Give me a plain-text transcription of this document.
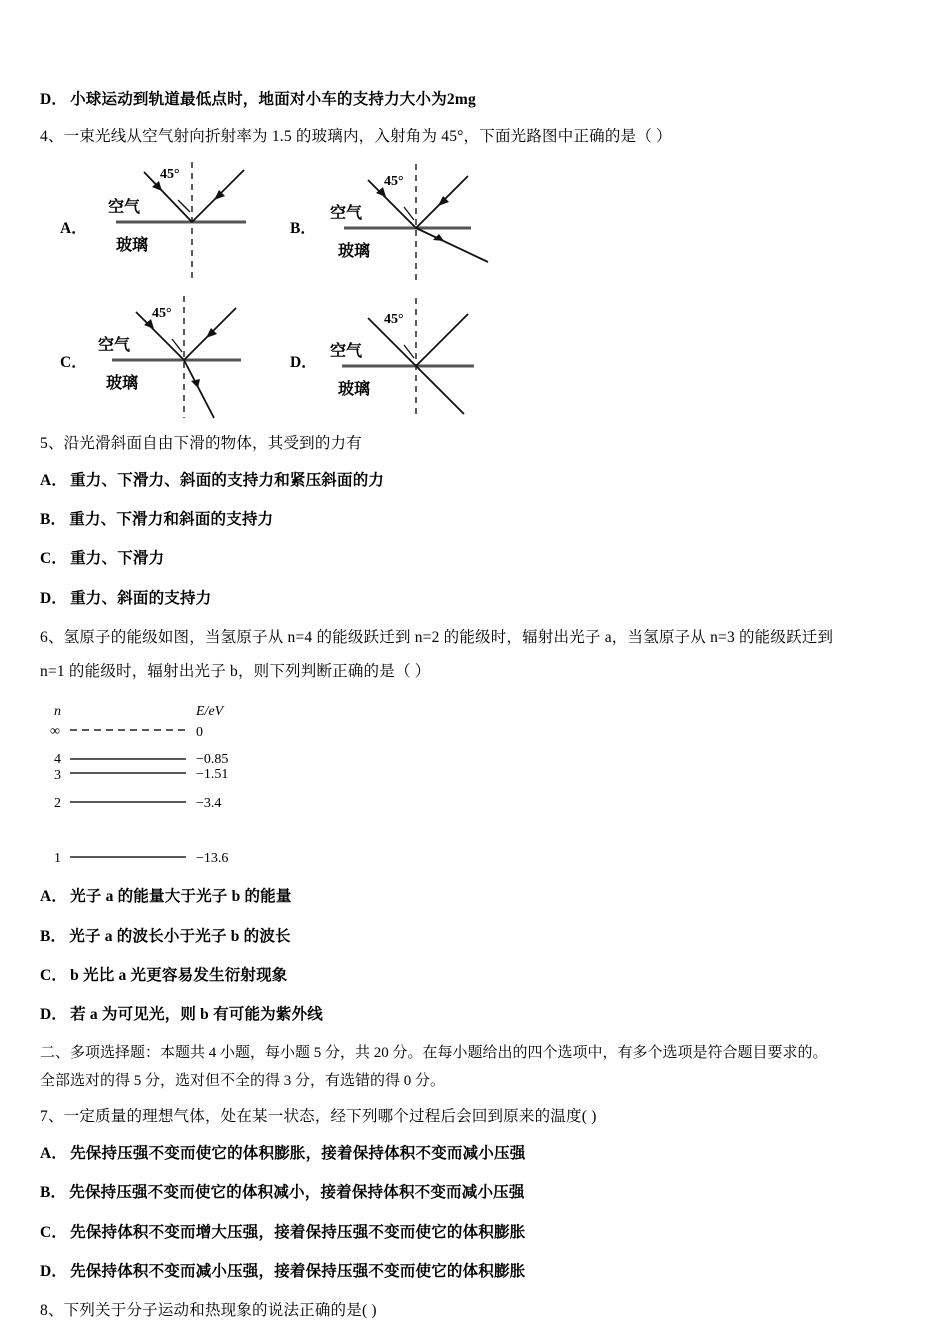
D． 小球运动到轨道最低点时，地面对小车的支持力大小为2mg

4、一束光线从空气射向折射率为 1.5 的玻璃内，入射角为 45°，下面光路图中正确的是（ ）

A．
45°
空气
玻璃
B．
45°
空气
玻璃
C．
45°
空气
玻璃
D．
45°
空气
玻璃

5、沿光滑斜面自由下滑的物体，其受到的力有

A． 重力、下滑力、斜面的支持力和紧压斜面的力

B． 重力、下滑力和斜面的支持力

C． 重力、下滑力

D． 重力、斜面的支持力

6、氢原子的能级如图，当氢原子从 n=4 的能级跃迁到 n=2 的能级时，辐射出光子 a，当氢原子从 n=3 的能级跃迁到

n=1 的能级时，辐射出光子 b，则下列判断正确的是（ ）

n	E/eV
∞	0
4	−0.85
3	−1.51
2	−3.4
1	−13.6

A． 光子 a 的能量大于光子 b 的能量

B． 光子 a 的波长小于光子 b 的波长

C． b 光比 a 光更容易发生衍射现象

D． 若 a 为可见光，则 b 有可能为紫外线

二、多项选择题：本题共 4 小题，每小题 5 分，共 20 分。在每小题给出的四个选项中，有多个选项是符合题目要求的。

全部选对的得 5 分，选对但不全的得 3 分，有选错的得 0 分。

7、一定质量的理想气体，处在某一状态，经下列哪个过程后会回到原来的温度( )

A． 先保持压强不变而使它的体积膨胀，接着保持体积不变而减小压强

B． 先保持压强不变而使它的体积减小，接着保持体积不变而减小压强

C． 先保持体积不变而增大压强，接着保持压强不变而使它的体积膨胀

D． 先保持体积不变而减小压强，接着保持压强不变而使它的体积膨胀

8、下列关于分子运动和热现象的说法正确的是( )
